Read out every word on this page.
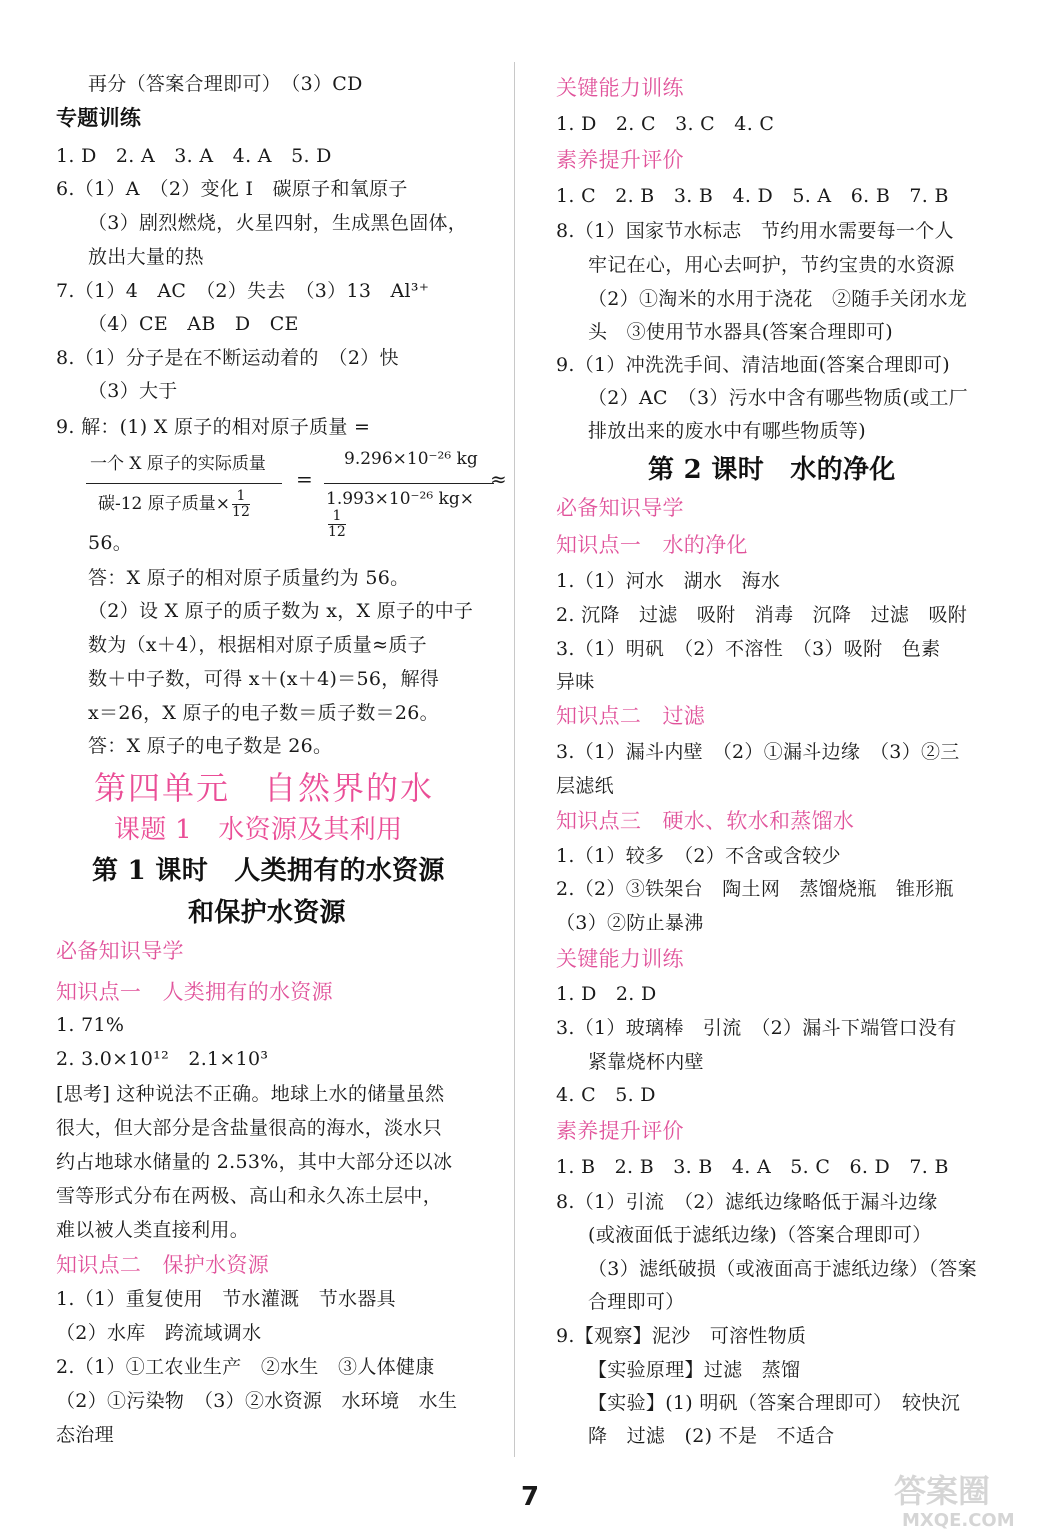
再分（答案合理即可）　（3）CD
专题训练
1. D　2. A　3. A　4. A　5. D
6.（1）A　（2）变化 I　碳原子和氧原子
（3）剧烈燃烧，火星四射，生成黑色固体，
放出大量的热
7.（1）4　AC　（2）失去　（3）13　Al³⁺
（4）CE　AB　D　CE
8.（1）分子是在不断运动着的　（2）快
（3）大于
9. 解：(1) X 原子的相对原子质量 =
一个 X 原子的实际质量
碳-12 原子质量× $\frac{1}{12}$
=
9.296×10⁻²⁶ kg
1.993×10⁻²⁶ kg×
$\frac{1}{12}$
≈
56。
答：X 原子的相对原子质量约为 56。
（2）设 X 原子的质子数为 x，X 原子的中子
数为（x＋4），根据相对原子质量≈质子
数＋中子数，可得 x＋(x＋4)＝56，解得
x＝26，X 原子的电子数＝质子数＝26。
答：X 原子的电子数是 26。
第四单元　自然界的水
课题 1　水资源及其利用
第 1 课时　人类拥有的水资源
和保护水资源
必备知识导学
知识点一　人类拥有的水资源
1. 71%
2. 3.0×10¹²　2.1×10³
[思考] 这种说法不正确。地球上水的储量虽然
很大，但大部分是含盐量很高的海水，淡水只
约占地球水储量的 2.53%，其中大部分还以冰
雪等形式分布在两极、高山和永久冻土层中，
难以被人类直接利用。
知识点二　保护水资源
1.（1）重复使用　节水灌溉　节水器具
（2）水库　跨流域调水
2.（1）①工农业生产　②水生　③人体健康
（2）①污染物　（3）②水资源　水环境　水生
态治理
关键能力训练
1. D　2. C　3. C　4. C
素养提升评价
1. C　2. B　3. B　4. D　5. A　6. B　7. B
8.（1）国家节水标志　节约用水需要每一个人
牢记在心，用心去呵护，节约宝贵的水资源
（2）①淘米的水用于浇花　②随手关闭水龙
头　③使用节水器具(答案合理即可)
9.（1）冲洗洗手间、清洁地面(答案合理即可)
（2）AC　（3）污水中含有哪些物质(或工厂
排放出来的废水中有哪些物质等)
第 2 课时　水的净化
必备知识导学
知识点一　水的净化
1.（1）河水　湖水　海水
2. 沉降　过滤　吸附　消毒　沉降　过滤　吸附
3.（1）明矾　（2）不溶性　（3）吸附　色素
异味
知识点二　过滤
3.（1）漏斗内壁　（2）①漏斗边缘　（3）②三
层滤纸
知识点三　硬水、软水和蒸馏水
1.（1）较多　（2）不含或含较少
2.（2）③铁架台　陶土网　蒸馏烧瓶　锥形瓶
（3）②防止暴沸
关键能力训练
1. D　2. D
3.（1）玻璃棒　引流　（2）漏斗下端管口没有
紧靠烧杯内壁
4. C　5. D
素养提升评价
1. B　2. B　3. B　4. A　5. C　6. D　7. B
8.（1）引流　（2）滤纸边缘略低于漏斗边缘
(或液面低于滤纸边缘)（答案合理即可）
（3）滤纸破损（或液面高于滤纸边缘）（答案
合理即可）
9.【观察】泥沙　可溶性物质
【实验原理】过滤　蒸馏
【实验】(1) 明矾（答案合理即可）　较快沉
降　过滤　(2) 不是　不适合
7	答案圈
MXQE.COM
